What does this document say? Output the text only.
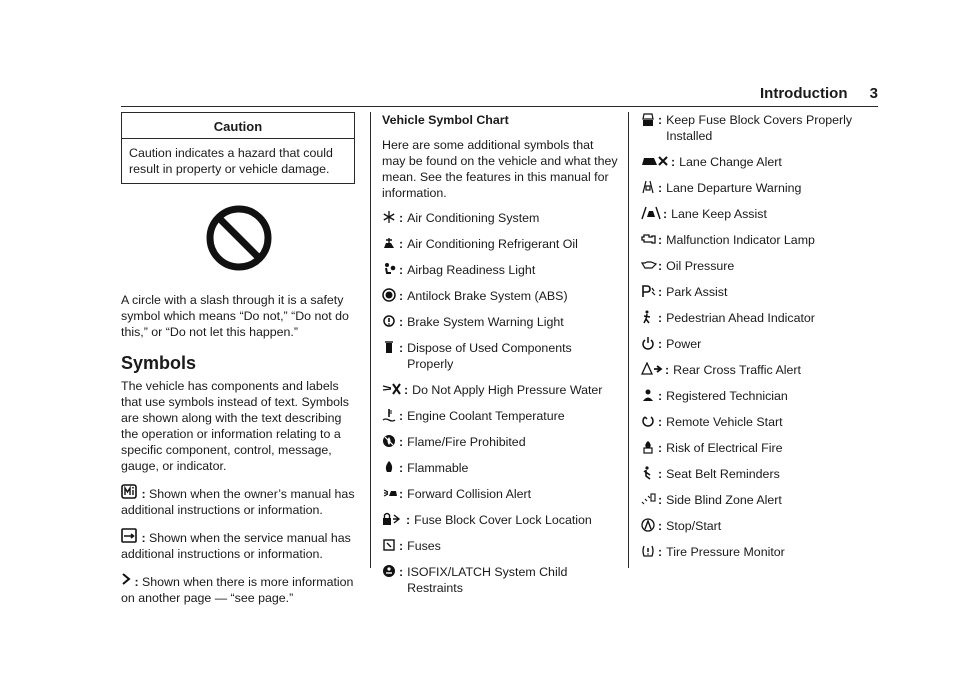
Introduction 3
Caution
Caution indicates a hazard that could result in property or vehicle damage.

A circle with a slash through it is a safety symbol which means “Do not,” “Do not do this,” or “Do not let this happen.”

Symbols

The vehicle has components and labels that use symbols instead of text. Symbols are shown along with the text describing the operation or information relating to a specific component, control, message, gauge, or indicator.

: Shown when the owner’s manual has additional instructions or information.

: Shown when the service manual has additional instructions or information.

: Shown when there is more information on another page — “see page.”

Vehicle Symbol Chart

Here are some additional symbols that may be found on the vehicle and what they mean. See the features in this manual for information.

: Air Conditioning System
: Air Conditioning Refrigerant Oil
: Airbag Readiness Light
: Antilock Brake System (ABS)
: Brake System Warning Light
: Dispose of Used Components Properly
: Do Not Apply High Pressure Water
: Engine Coolant Temperature
: Flame/Fire Prohibited
: Flammable
: Forward Collision Alert
: Fuse Block Cover Lock Location
: Fuses
: ISOFIX/LATCH System Child Restraints
: Keep Fuse Block Covers Properly Installed
: Lane Change Alert
: Lane Departure Warning
: Lane Keep Assist
: Malfunction Indicator Lamp
: Oil Pressure
: Park Assist
: Pedestrian Ahead Indicator
: Power
: Rear Cross Traffic Alert
: Registered Technician
: Remote Vehicle Start
: Risk of Electrical Fire
: Seat Belt Reminders
: Side Blind Zone Alert
: Stop/Start
: Tire Pressure Monitor
